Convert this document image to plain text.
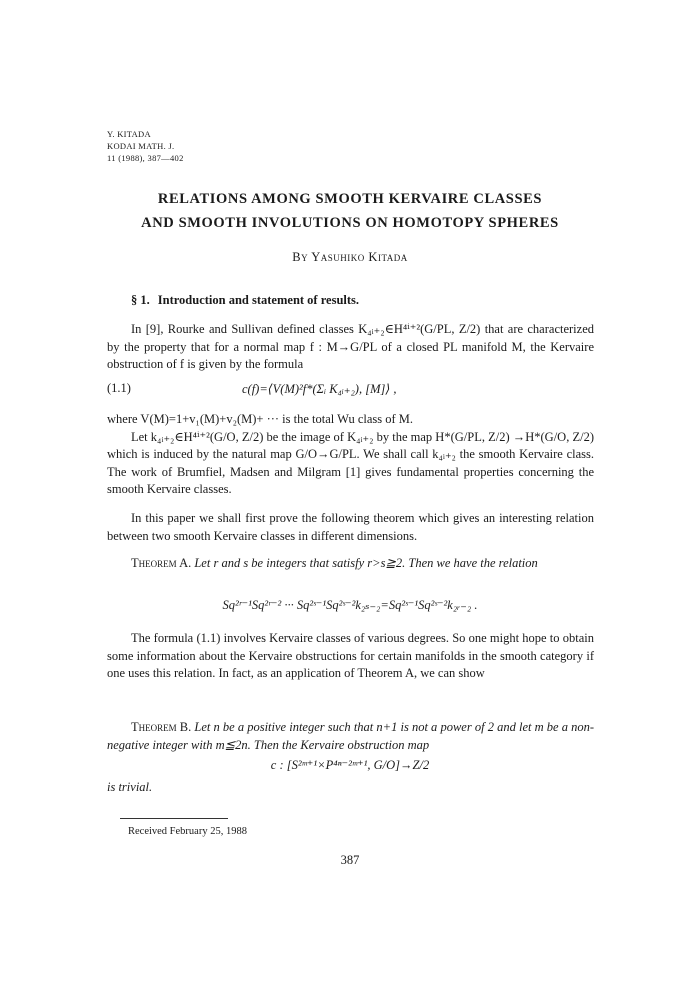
Y. KITADA
KODAI MATH. J.
11 (1988), 387—402
RELATIONS AMONG SMOOTH KERVAIRE CLASSES
AND SMOOTH INVOLUTIONS ON HOMOTOPY SPHERES
By Yasuhiko Kitada
§ 1. Introduction and statement of results.
In [9], Rourke and Sullivan defined classes K₄ᵢ₊₂∈H⁴ⁱ⁺²(G/PL, Z/2) that are characterized by the property that for a normal map f : M→G/PL of a closed PL manifold M, the Kervaire obstruction of f is given by the formula
(1.1)	c(f)=⟨V(M)²f*(Σᵢ K₄ᵢ₊₂), [M]⟩ ,
where V(M)=1+v₁(M)+v₂(M)+ ··· is the total Wu class of M.
Let k₄ᵢ₊₂∈H⁴ⁱ⁺²(G/O, Z/2) be the image of K₄ᵢ₊₂ by the map H*(G/PL, Z/2) →H*(G/O, Z/2) which is induced by the natural map G/O→G/PL. We shall call k₄ᵢ₊₂ the smooth Kervaire class. The work of Brumfiel, Madsen and Milgram [1] gives fundamental properties concerning the smooth Kervaire classes.
In this paper we shall first prove the following theorem which gives an interesting relation between two smooth Kervaire classes in different dimensions.
Theorem A. Let r and s be integers that satisfy r>s≧2. Then we have the relation
Sq²ʳ⁻¹Sq²ʳ⁻² ··· Sq²ˢ⁻¹Sq²ˢ⁻²k₂ₛ₋₂=Sq²ˢ⁻¹Sq²ˢ⁻²k₂ᵣ₋₂ .
The formula (1.1) involves Kervaire classes of various degrees. So one might hope to obtain some information about the Kervaire obstructions for certain manifolds in the smooth category if one uses this relation. In fact, as an application of Theorem A, we can show
Theorem B. Let n be a positive integer such that n+1 is not a power of 2 and let m be a non-negative integer with m≦2n. Then the Kervaire obstruction map
c : [S²ᵐ⁺¹×P⁴ⁿ⁻²ᵐ⁺¹, G/O]→Z/2
is trivial.
Received February 25, 1988
387
